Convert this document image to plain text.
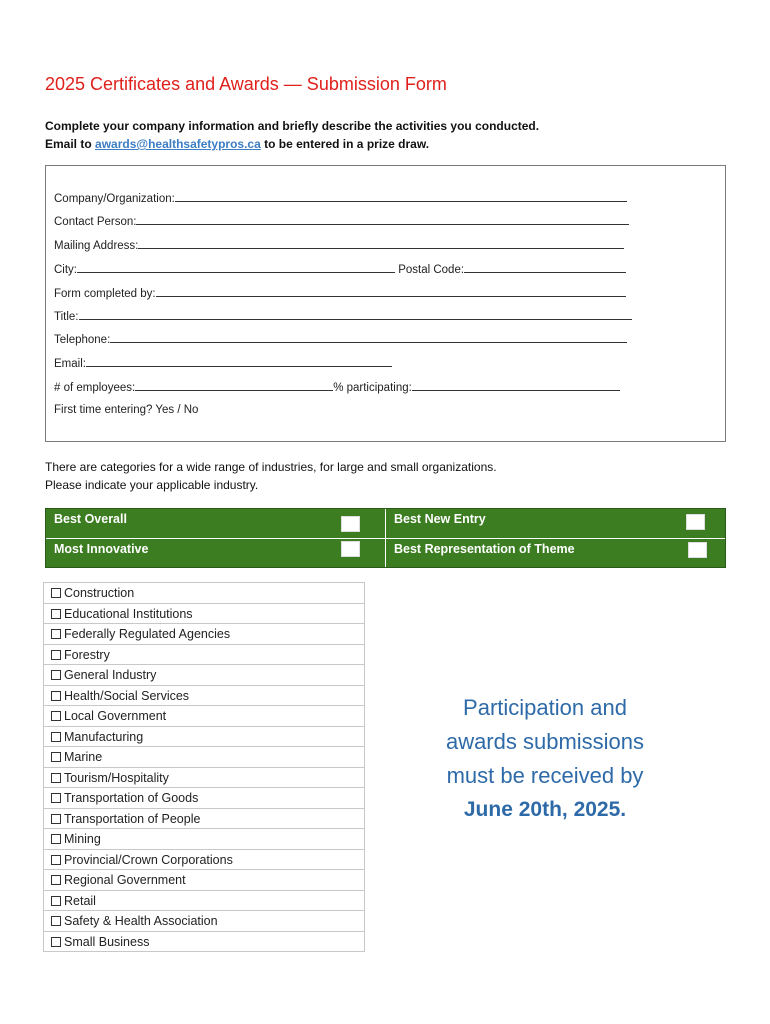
2025 Certificates and Awards — Submission Form
Complete your company information and briefly describe the activities you conducted.
Email to awards@healthsafetypros.ca to be entered in a prize draw.
Company/Organization:
Contact Person:
Mailing Address:
City:	Postal Code:
Form completed by:
Title:
Telephone:
Email:
# of employees:	% participating:
First time entering? Yes / No
There are categories for a wide range of industries, for large and small organizations.
Please indicate your applicable industry.
Best Overall	Best New Entry
Most Innovative	Best Representation of Theme
Construction
Educational Institutions
Federally Regulated Agencies
Forestry
General Industry
Health/Social Services
Local Government
Manufacturing
Marine
Tourism/Hospitality
Transportation of Goods
Transportation of People
Mining
Provincial/Crown Corporations
Regional Government
Retail
Safety & Health Association
Small Business
Participation and
awards submissions
must be received by
June 20th, 2025.
